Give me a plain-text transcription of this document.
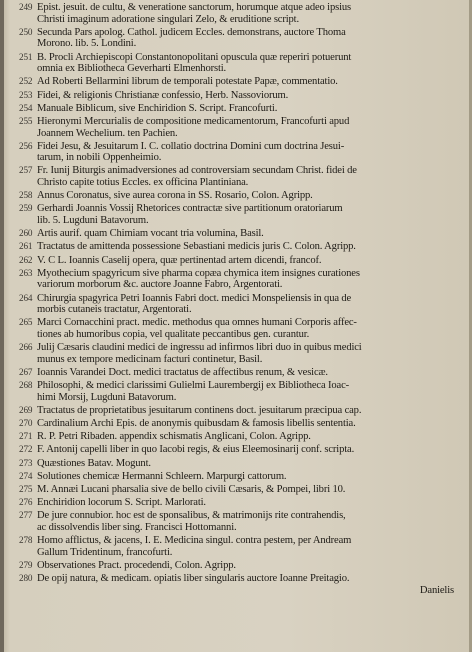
249 Epist. jesuit. de cultu, & veneratione sanctorum, horumque atque adeo ipsius
Christi imaginum adoratione singulari Zelo, & eruditione script.
250 Secunda Pars apolog. Cathol. judicem Eccles. demonstrans, auctore Thoma
Morono. lib. 5. Londini.
251 B. Procli Archiepiscopi Constantonopolitani opuscula quæ reperiri potuerunt
omnia ex Bibliotheca Geverharti Elmenhorsti.
252 Ad Roberti Bellarmini librum de temporali potestate Papæ, commentatio.
253 Fidei, & religionis Christianæ confessio, Herb. Nassoviorum.
254 Manuale Biblicum, sive Enchiridion S. Script. Francofurti.
255 Hieronymi Mercurialis de compositione medicamentorum, Francofurti apud
Joannem Wechelium. ten Pachien.
256 Fidei Jesu, & Jesuitarum I. C. collatio doctrina Domini cum doctrina Jesui-
tarum, in nobili Oppenheimio.
257 Fr. Iunij Biturgis animadversiones ad controversiam secundam Christ. fidei de
Christo capite totius Eccles. ex officina Plantiniana.
258 Annus Coronatus, sive aurea corona in SS. Rosario, Colon. Agripp.
259 Gerhardi Joannis Vossij Rhetorices contractæ sive partitionum oratoriarum
lib. 5. Lugduni Batavorum.
260 Artis aurif. quam Chimiam vocant tria volumina, Basil.
261 Tractatus de amittenda possessione Sebastiani medicis juris C. Colon. Agripp.
262 V. C L. Ioannis Caselij opera, quæ pertinentad artem dicendi, francof.
263 Myothecium spagyricum sive pharma copæa chymica item insignes curationes
variorum morborum &c. auctore Joanne Fabro, Argentorati.
264 Chirurgia spagyrica Petri Ioannis Fabri doct. medici Monspeliensis in qua de
morbis cutaneis tractatur, Argentorati.
265 Marci Cornacchini pract. medic. methodus qua omnes humani Corporis affec-
tiones ab humoribus copia, vel qualitate peccantibus gen. curantur.
266 Julij Cæsaris claudini medici de ingressu ad infirmos libri duo in quibus medici
munus ex tempore medicinam facturi continetur, Basil.
267 Ioannis Varandei Doct. medici tractatus de affectibus renum, & vesicæ.
268 Philosophi, & medici clarissimi Gulielmi Laurembergij ex Bibliotheca Ioac-
himi Morsij, Lugduni Batavorum.
269 Tractatus de proprietatibus jesuitarum continens doct. jesuitarum præcipua cap.
270 Cardinalium Archi Epis. de anonymis quibusdam & famosis libellis sententia.
271 R. P. Petri Ribaden. appendix schismatis Anglicani, Colon. Agripp.
272 F. Antonij capelli liber in quo Iacobi regis, & eius Eleemosinarij conf. scripta.
273 Quæstiones Batav. Mogunt.
274 Solutiones chemicæ Hermanni Schleern. Marpurgi cattorum.
275 M. Annæi Lucani pharsalia sive de bello civili Cæsaris, & Pompei, libri 10.
276 Enchiridion locorum S. Script. Marlorati.
277 De jure connubior. hoc est de sponsalibus, & matrimonijs rite contrahendis,
ac dissolvendis liber sing. Francisci Hottomanni.
278 Homo afflictus, & jacens, I. E. Medicina singul. contra pestem, per Andream
Gallum Tridentinum, francofurti.
279 Observationes Pract. procedendi, Colon. Agripp.
280 De opij natura, & medicam. opiatis liber singularis auctore Ioanne Preitagio.
Danielis
